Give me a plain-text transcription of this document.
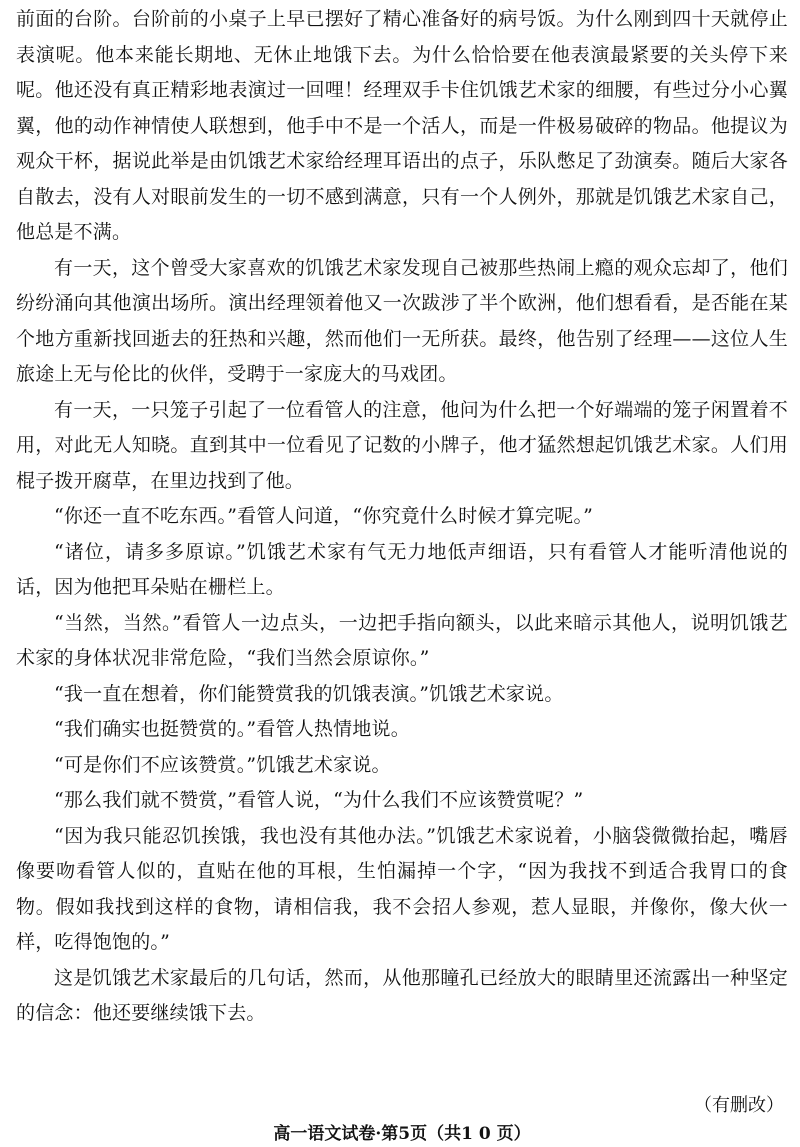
前面的台阶。台阶前的小桌子上早已摆好了精心准备好的病号饭。为什么刚到四十天就停止表演呢。他本来能长期地、无休止地饿下去。为什么恰恰要在他表演最紧要的关头停下来呢。他还没有真正精彩地表演过一回哩！经理双手卡住饥饿艺术家的细腰，有些过分小心翼翼，他的动作神情使人联想到，他手中不是一个活人，而是一件极易破碎的物品。他提议为观众干杯，据说此举是由饥饿艺术家给经理耳语出的点子，乐队憋足了劲演奏。随后大家各自散去，没有人对眼前发生的一切不感到满意，只有一个人例外，那就是饥饿艺术家自己，他总是不满。

有一天，这个曾受大家喜欢的饥饿艺术家发现自己被那些热闹上瘾的观众忘却了，他们纷纷涌向其他演出场所。演出经理领着他又一次跋涉了半个欧洲，他们想看看，是否能在某个地方重新找回逝去的狂热和兴趣，然而他们一无所获。最终，他告别了经理——这位人生旅途上无与伦比的伙伴，受聘于一家庞大的马戏团。

有一天，一只笼子引起了一位看管人的注意，他问为什么把一个好端端的笼子闲置着不用，对此无人知晓。直到其中一位看见了记数的小牌子，他才猛然想起饥饿艺术家。人们用棍子拨开腐草，在里边找到了他。

“你还一直不吃东西。”看管人问道，“你究竟什么时候才算完呢。”

“诸位，请多多原谅。”饥饿艺术家有气无力地低声细语，只有看管人才能听清他说的话，因为他把耳朵贴在栅栏上。

“当然，当然。”看管人一边点头，一边把手指向额头，以此来暗示其他人，说明饥饿艺术家的身体状况非常危险，“我们当然会原谅你。”

“我一直在想着，你们能赞赏我的饥饿表演。”饥饿艺术家说。

“我们确实也挺赞赏的。”看管人热情地说。

“可是你们不应该赞赏。”饥饿艺术家说。

“那么我们就不赞赏，”看管人说，“为什么我们不应该赞赏呢？”

“因为我只能忍饥挨饿，我也没有其他办法。”饥饿艺术家说着，小脑袋微微抬起，嘴唇像要吻看管人似的，直贴在他的耳根，生怕漏掉一个字，“因为我找不到适合我胃口的食物。假如我找到这样的食物，请相信我，我不会招人参观，惹人显眼，并像你，像大伙一样，吃得饱饱的。”

这是饥饿艺术家最后的几句话，然而，从他那瞳孔已经放大的眼睛里还流露出一种坚定的信念：他还要继续饿下去。

（有删改）

高一语文试卷·第5页（共1 0 页）
